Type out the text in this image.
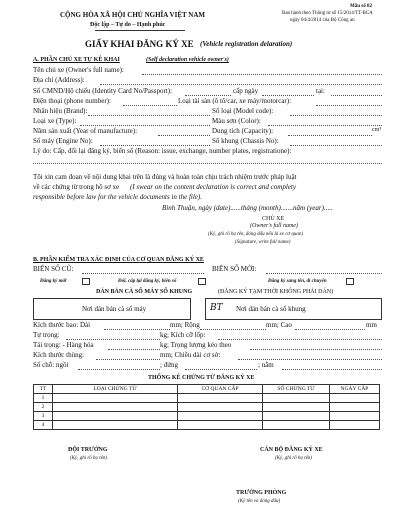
Mẫu số 02
Ban hành theo Thông tư số 15/2014/TT-BCA
ngày 04/4/2014 của Bộ Công an
CỘNG HÒA XÃ HỘI CHỦ NGHĨA VIỆT NAM
Độc lập – Tự do – Hạnh phúc
GIẤY KHAI ĐĂNG KÝ XE (Vehicle registration delaration)
A. PHẦN CHỦ XE TỰ KÊ KHAI	(Self declaration vehicle owner's)
Tên chủ xe (Owner's full name):
Địa chỉ (Address):
Số CMND/Hộ chiếu (Identity Card No/Passport):	cấp ngày	tại:
Điện thoại (phone number):	Loại tài sản (ô tô/car, xe máy/motorcar):
Nhãn hiệu (Brand):	Số loại (Model code):
Loại xe (Type):	Màu sơn (Color):
Năm sản xuất (Year of manufacture):	Dung tích (Capacity):	cm³
Số máy (Engine No):	Số khung (Chassis No):
Lý do: Cấp, đổi lại đăng ký, biển số (Reason: issue, exchange, number plates, registratione):
Tôi xin cam đoan về nội dung khai trên là đúng và hoàn toàn chịu trách nhiệm trước pháp luật
về các chứng từ trong hồ sơ xe (I swear on the content declaration is correct and complety
responsible before law for the vehicle documents in the file).
Bình Thuận, ngày (date)......tháng (month).......năm (year).....
CHỦ XE
(Owner's full name)
(Ký, ghi rõ họ tên, đóng dấu nếu là xe cơ quan)
(Signature, write full name)
B. PHẦN KIỂM TRA XÁC ĐỊNH CỦA CƠ QUAN ĐĂNG KÝ XE
BIỂN SỐ CŨ:	BIỂN SỐ MỚI:
Đăng ký mới	Đổi, cấp lại đăng ký, biển số	Đăng ký sang tên, di chuyển
DÁN BẢN CÀ SỐ MÁY SỐ KHUNG	(ĐĂNG KÝ TẠM THỜI KHÔNG PHẢI DÁN)
Nơi dán bản cà số máy	BT Nơi dán bản cà số khung
Kích thước bao: Dài	mm; Rộng	mm; Cao	mm
Tự trọng:	kg; Kích cỡ lốp:
Tải trọng: - Hàng hóa	kg; Trọng lượng kéo theo
Kích thước thùng:	mm; Chiều dài cơ sở:
Số chỗ: ngồi	; đứng	; nằm
THỐNG KÊ CHỨNG TỪ ĐĂNG KÝ XE
TT	LOẠI CHỨNG TỪ	CƠ QUAN CẤP	SỐ CHỨNG TỪ	NGÀY CẤP
1				
2				
3				
4				
ĐỘI TRƯỞNG
(Ký, ghi rõ họ tên)
CÁN BỘ ĐĂNG KÝ XE
(Ký, ghi rõ họ tên)
TRƯỞNG PHÒNG
(Ký tên và đóng dấu)
